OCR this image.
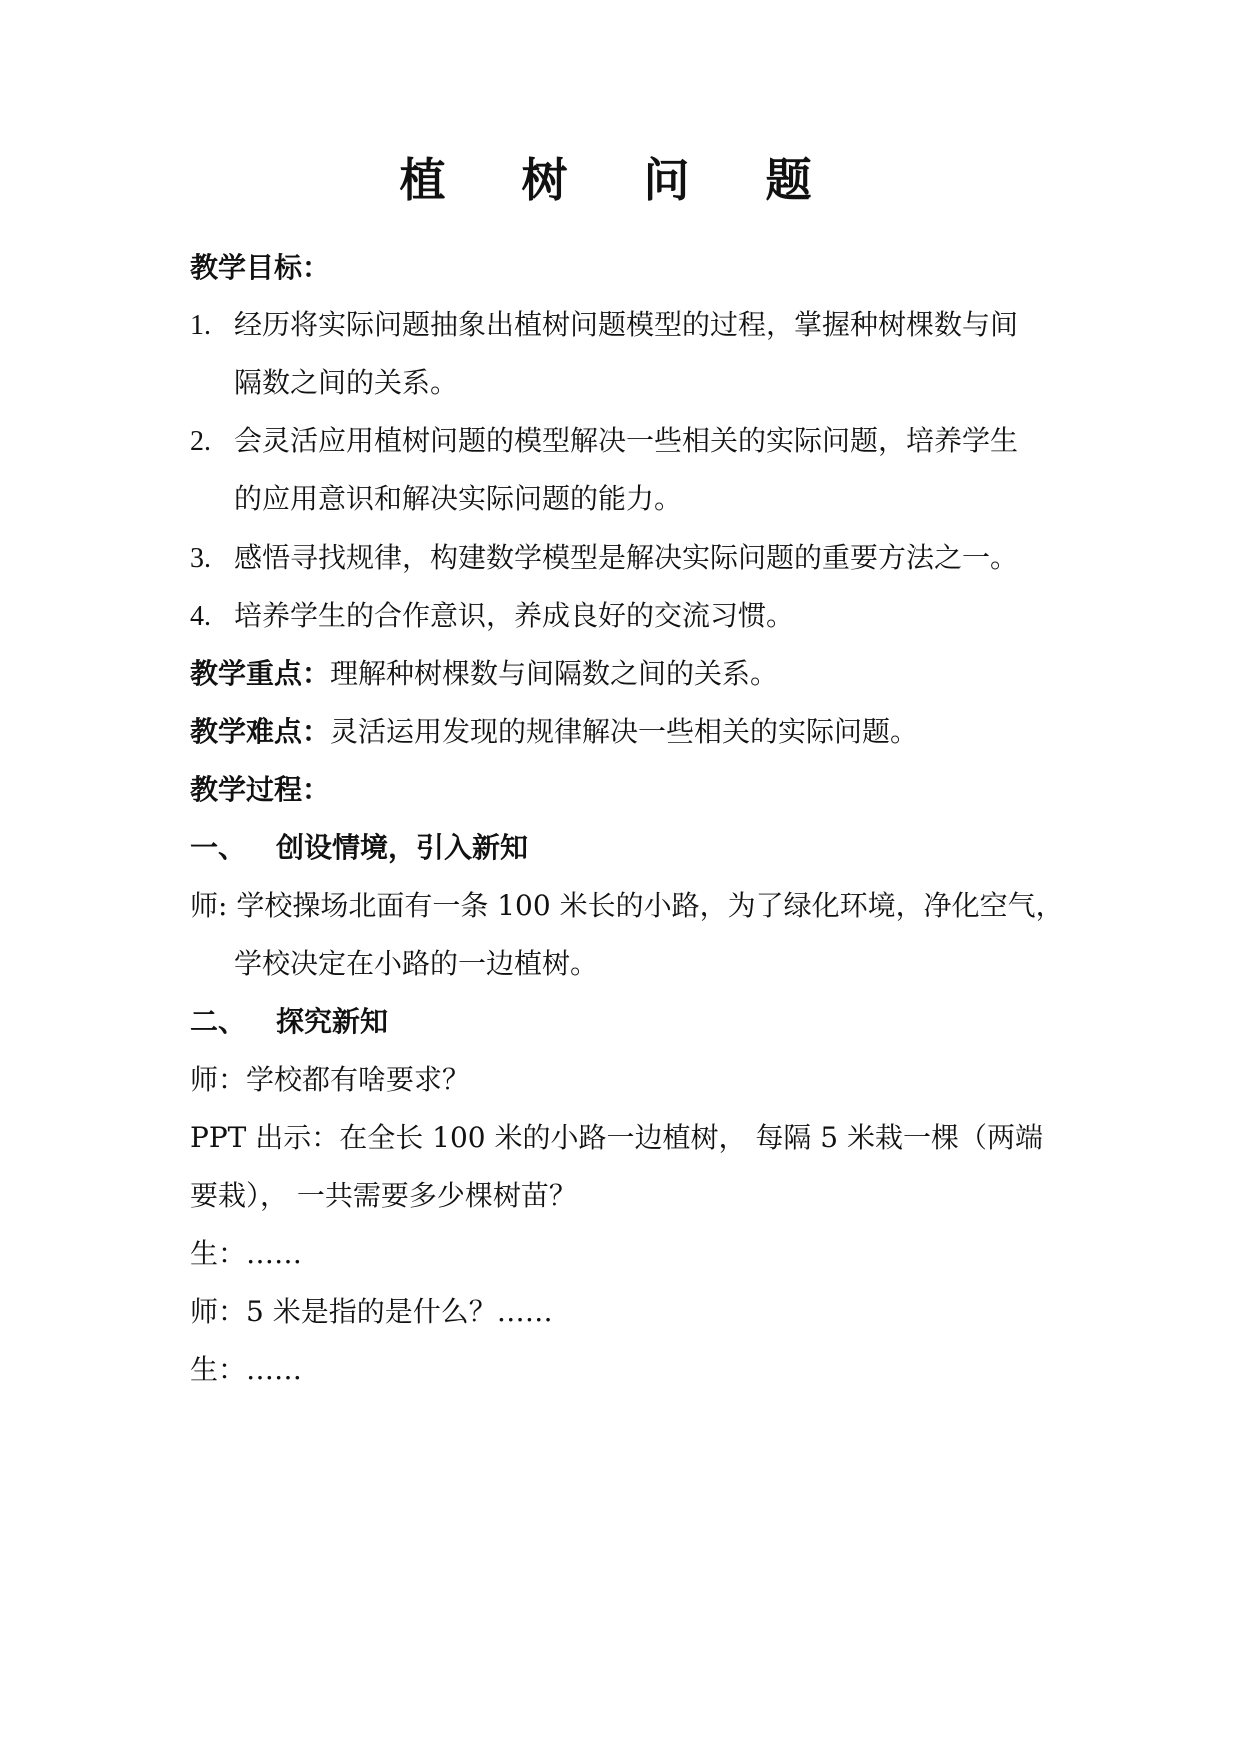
植 树 问 题
教学目标：
1. 经历将实际问题抽象出植树问题模型的过程，掌握种树棵数与间
隔数之间的关系。
2. 会灵活应用植树问题的模型解决一些相关的实际问题，培养学生
的应用意识和解决实际问题的能力。
3. 感悟寻找规律，构建数学模型是解决实际问题的重要方法之一。
4. 培养学生的合作意识，养成良好的交流习惯。
教学重点：理解种树棵数与间隔数之间的关系。
教学难点：灵活运用发现的规律解决一些相关的实际问题。
教学过程：
一、 创设情境，引入新知
师: 学校操场北面有一条 100 米长的小路，为了绿化环境，净化空气，
学校决定在小路的一边植树。
二、 探究新知
师：学校都有啥要求？
PPT 出示：在全长 100 米的小路一边植树， 每隔 5 米栽一棵（两端
要栽）， 一共需要多少棵树苗？
生：……
师：5 米是指的是什么？……
生：……
